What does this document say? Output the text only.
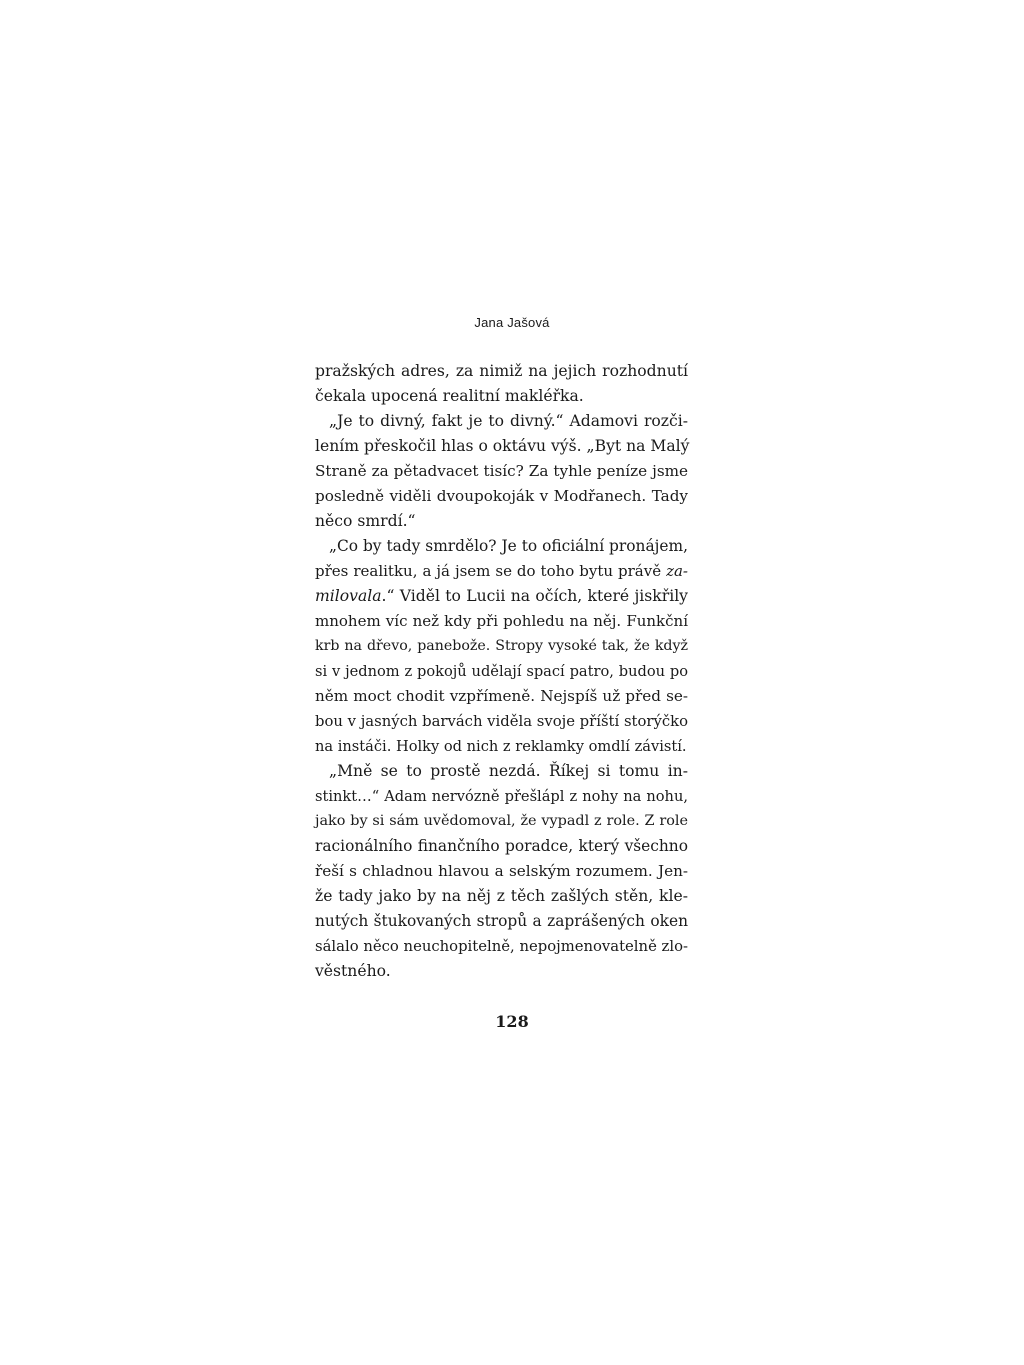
Jana Jašová
pražských adres, za nimiž na jejich rozhodnutí
čekala upocená realitní makléřka.
„Je to divný, fakt je to divný.“ Adamovi rozči-
lením přeskočil hlas o oktávu výš. „Byt na Malý
Straně za pětadvacet tisíc? Za tyhle peníze jsme
posledně viděli dvoupokoják v Modřanech. Tady
něco smrdí.“
„Co by tady smrdělo? Je to oficiální pronájem,
přes realitku, a já jsem se do toho bytu právě za-
milovala.“ Viděl to Lucii na očích, které jiskřily
mnohem víc než kdy při pohledu na něj. Funkční
krb na dřevo, panebože. Stropy vysoké tak, že když
si v jednom z pokojů udělají spací patro, budou po
něm moct chodit vzpřímeně. Nejspíš už před se-
bou v jasných barvách viděla svoje příští storýčko
na instáči. Holky od nich z reklamky omdlí závistí.
„Mně se to prostě nezdá. Říkej si tomu in-
stinkt…“ Adam nervózně přešlápl z nohy na nohu,
jako by si sám uvědomoval, že vypadl z role. Z role
racionálního finančního poradce, který všechno
řeší s chladnou hlavou a selským rozumem. Jen-
že tady jako by na něj z těch zašlých stěn, kle-
nutých štukovaných stropů a zaprášených oken
sálalo něco neuchopitelně, nepojmenovatelně zlo-
věstného.
128
